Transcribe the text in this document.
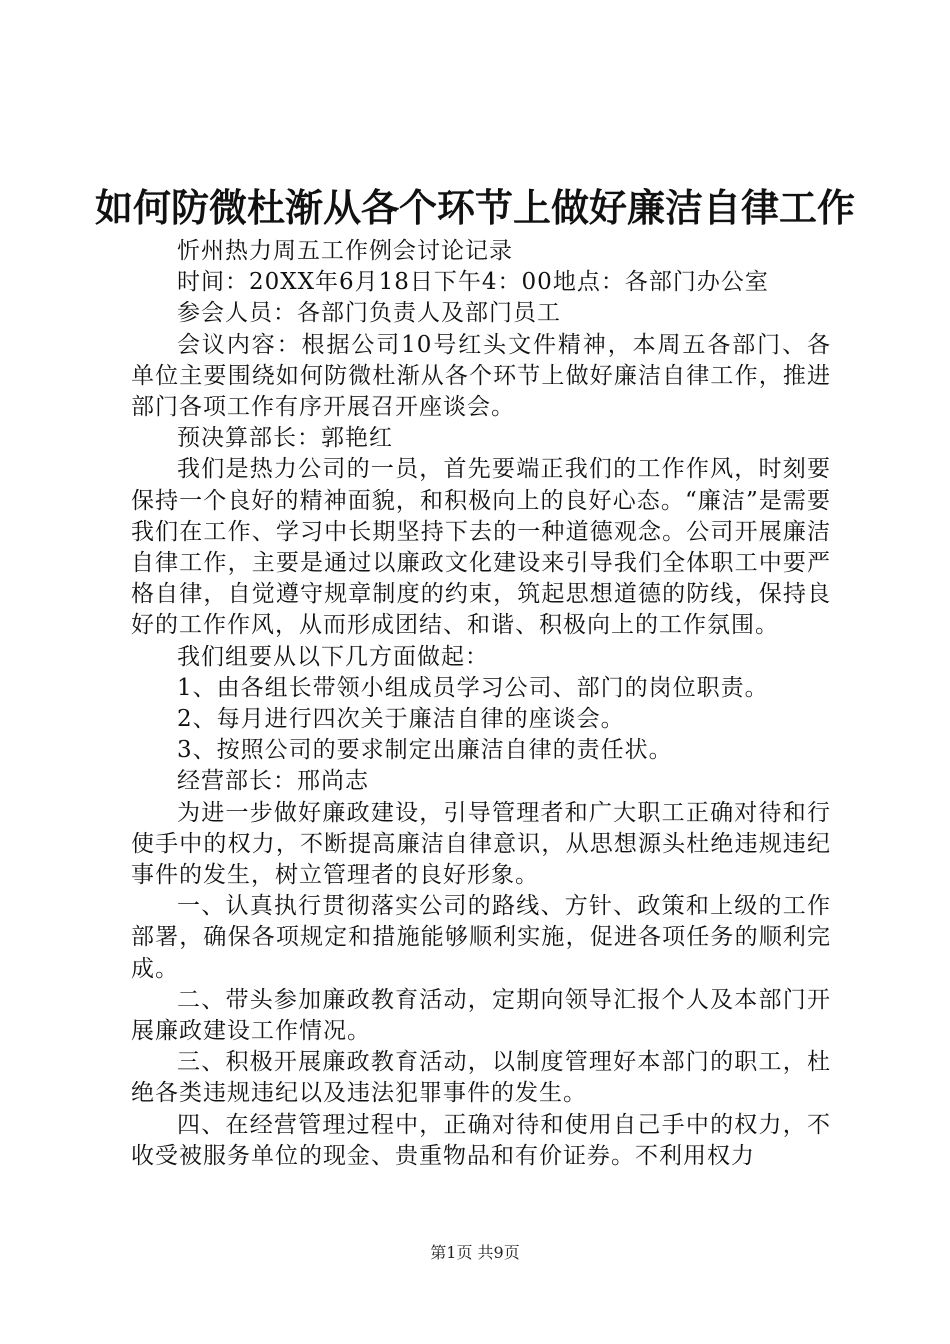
如何防微杜渐从各个环节上做好廉洁自律工作

忻州热力周五工作例会讨论记录

时间：20XX年6月18日下午4：00地点：各部门办公室

参会人员：各部门负责人及部门员工

会议内容：根据公司10号红头文件精神，本周五各部门、各单位主要围绕如何防微杜渐从各个环节上做好廉洁自律工作，推进部门各项工作有序开展召开座谈会。

预决算部长：郭艳红

我们是热力公司的一员，首先要端正我们的工作作风，时刻要保持一个良好的精神面貌，和积极向上的良好心态。“廉洁”是需要我们在工作、学习中长期坚持下去的一种道德观念。公司开展廉洁自律工作，主要是通过以廉政文化建设来引导我们全体职工中要严格自律，自觉遵守规章制度的约束，筑起思想道德的防线，保持良好的工作作风，从而形成团结、和谐、积极向上的工作氛围。

我们组要从以下几方面做起：

1、由各组长带领小组成员学习公司、部门的岗位职责。

2、每月进行四次关于廉洁自律的座谈会。

3、按照公司的要求制定出廉洁自律的责任状。

经营部长：邢尚志

为进一步做好廉政建设，引导管理者和广大职工正确对待和行使手中的权力，不断提高廉洁自律意识，从思想源头杜绝违规违纪事件的发生，树立管理者的良好形象。

一、认真执行贯彻落实公司的路线、方针、政策和上级的工作部署，确保各项规定和措施能够顺利实施，促进各项任务的顺利完成。

二、带头参加廉政教育活动，定期向领导汇报个人及本部门开展廉政建设工作情况。

三、积极开展廉政教育活动，以制度管理好本部门的职工，杜绝各类违规违纪以及违法犯罪事件的发生。

四、在经营管理过程中，正确对待和使用自己手中的权力，不收受被服务单位的现金、贵重物品和有价证券。不利用权力

第1页 共9页
